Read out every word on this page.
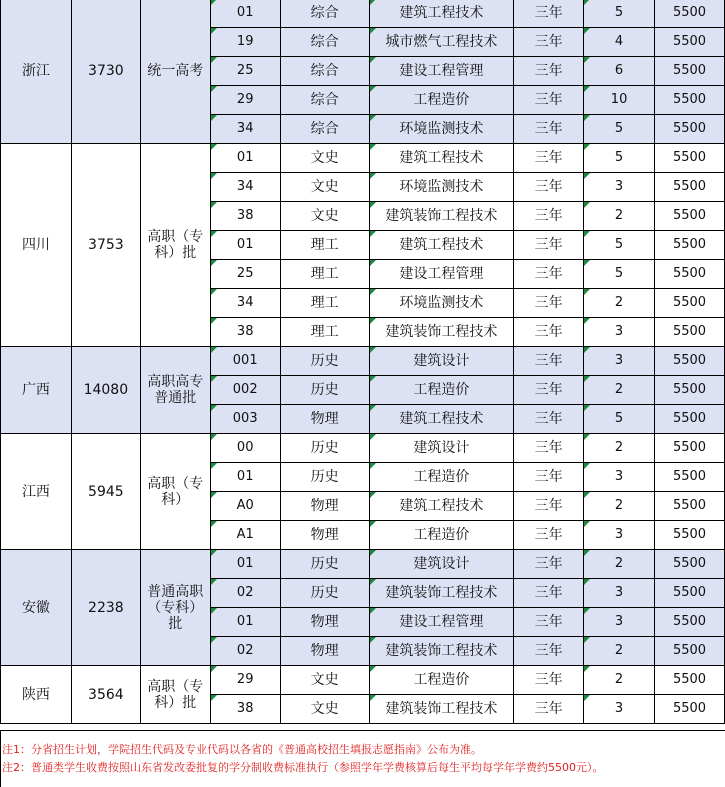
浙江	3730	统一高考	01	综合	建筑工程技术	三年	5	5500

19	综合	城市燃气工程技术	三年	4	5500

25	综合	建设工程管理	三年	6	5500

29	综合	工程造价	三年	10	5500

34	综合	环境监测技术	三年	5	5500
四川	3753	高职（专科）批	01	文史	建筑工程技术	三年	5	5500

34	文史	环境监测技术	三年	3	5500

38	文史	建筑装饰工程技术	三年	2	5500

01	理工	建筑工程技术	三年	5	5500

25	理工	建设工程管理	三年	5	5500

34	理工	环境监测技术	三年	2	5500

38	理工	建筑装饰工程技术	三年	3	5500
广西	14080	高职高专普通批	001	历史	建筑设计	三年	3	5500

002	历史	工程造价	三年	2	5500

003	物理	建筑工程技术	三年	5	5500
江西	5945	高职（专科）	00	历史	建筑设计	三年	2	5500

01	历史	工程造价	三年	3	5500

A0	物理	建筑工程技术	三年	2	5500

A1	物理	工程造价	三年	3	5500
安徽	2238	普通高职（专科）批	01	历史	建筑设计	三年	2	5500

02	历史	建筑装饰工程技术	三年	3	5500

01	物理	建设工程管理	三年	3	5500

02	物理	建筑装饰工程技术	三年	2	5500
陕西	3564	高职（专科）批	29	文史	工程造价	三年	2	5500

38	文史	建筑装饰工程技术	三年	3	5500
注1：分省招生计划，学院招生代码及专业代码以各省的《普通高校招生填报志愿指南》公布为准。
注2：普通类学生收费按照山东省发改委批复的学分制收费标准执行（参照学年学费核算后每生平均每学年学费约5500元）。
